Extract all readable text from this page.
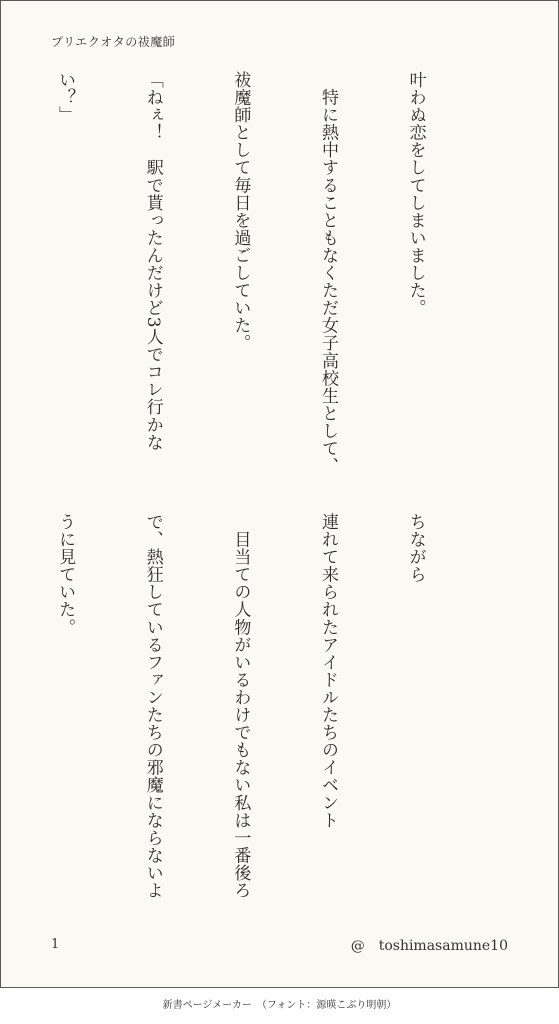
プリエクオタの祓魔師

叶わぬ恋をしてしまいました。

　特に熱中することもなくただ女子高校生として、

祓魔師として毎日を過ごしていた。

「ねぇ！　駅で貰ったんだけど3人でコレ行かな

い？」

ちながら

連れて来られたアイドルたちのイベント

　目当ての人物がいるわけでもない私は一番後ろ

で、熱狂しているファンたちの邪魔にならないよ

うに見ていた。

1	@　toshimasamune10
新書ページメーカー　（フォント：源暎こぶり明朝）
